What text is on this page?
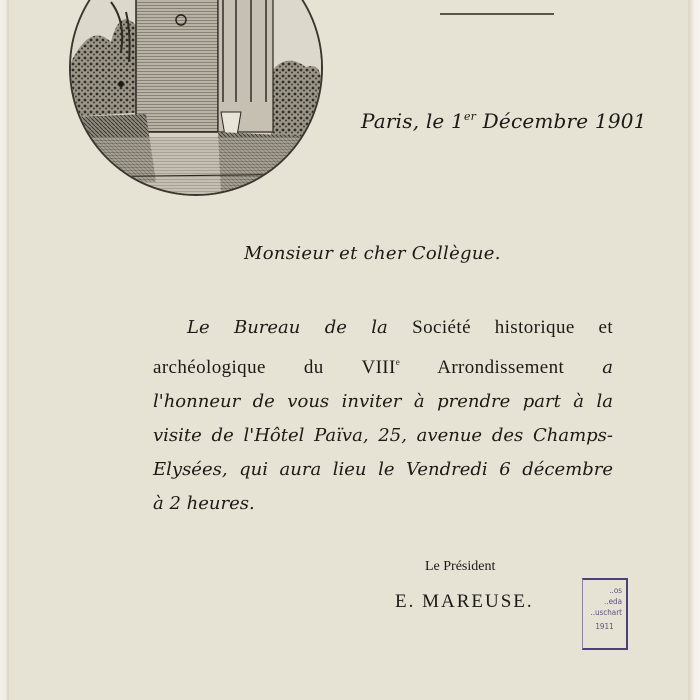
Paris, le 1er Décembre 1901
Monsieur et cher Collègue.
Le Bureau de la Société historique et
archéologique du VIIIe Arrondissement a
l'honneur de vous inviter à prendre part à la
visite de l'Hôtel Païva, 25, avenue des Champs-
Elysées, qui aura lieu le Vendredi 6 décembre
à 2 heures.
Le Président
E. MAREUSE.
..os
..eda
..uschart
1911
